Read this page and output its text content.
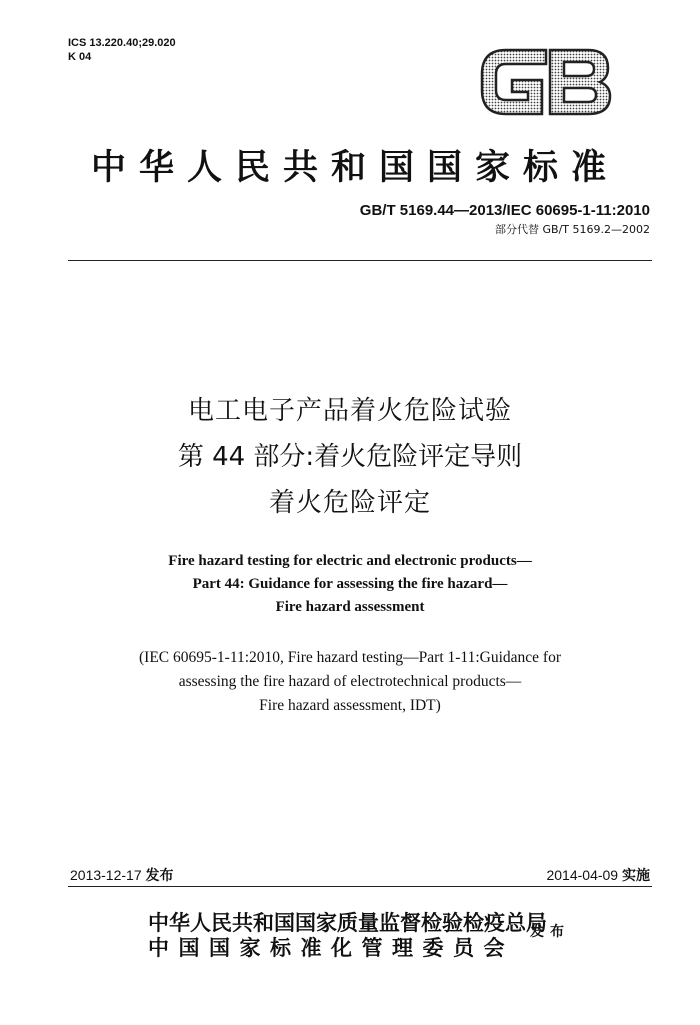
ICS 13.220.40;29.020
K 04
中华人民共和国国家标准
GB/T 5169.44—2013/IEC 60695-1-11:2010
部分代替 GB/T 5169.2—2002
电工电子产品着火危险试验
第 44 部分:着火危险评定导则
着火危险评定
Fire hazard testing for electric and electronic products—
Part 44: Guidance for assessing the fire hazard—
Fire hazard assessment
(IEC 60695-1-11:2010, Fire hazard testing—Part 1-11:Guidance for
assessing the fire hazard of electrotechnical products—
Fire hazard assessment, IDT)
2013-12-17 发布	2014-04-09 实施
中华人民共和国国家质量监督检验检疫总局
中国国家标准化管理委员会
发布
